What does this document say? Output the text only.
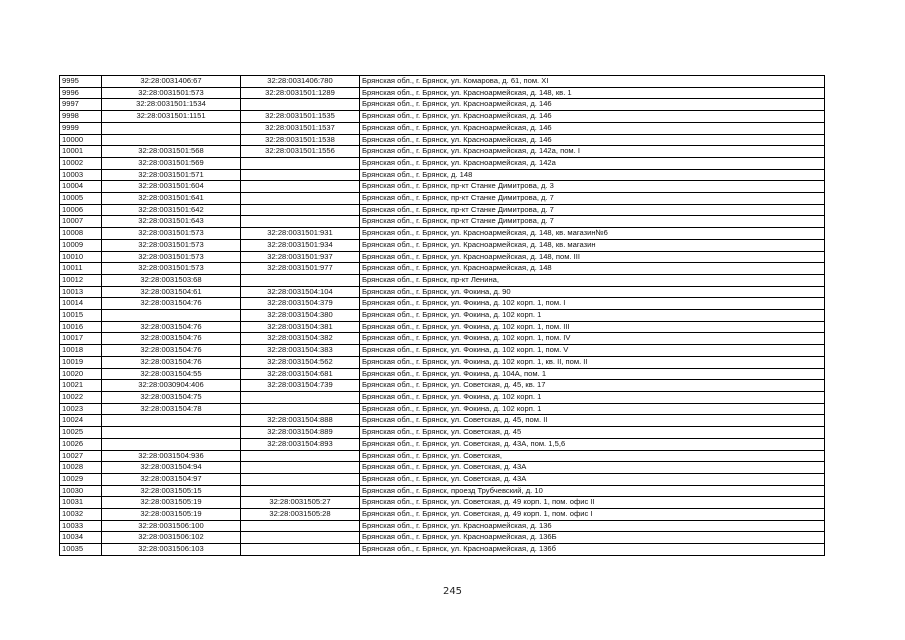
9995	32:28:0031406:67	32:28:0031406:780	Брянская обл., г. Брянск, ул. Комарова, д. 61, пом. XI
9996	32:28:0031501:573	32:28:0031501:1289	Брянская обл., г. Брянск, ул. Красноармейская, д. 148, кв. 1
9997	32:28:0031501:1534		Брянская обл., г. Брянск, ул. Красноармейская, д. 146
9998	32:28:0031501:1151	32:28:0031501:1535	Брянская обл., г. Брянск, ул. Красноармейская, д. 146
9999		32:28:0031501:1537	Брянская обл., г. Брянск, ул. Красноармейская, д. 146
10000		32:28:0031501:1538	Брянская обл., г. Брянск, ул. Красноармейская, д. 146
10001	32:28:0031501:568	32:28:0031501:1556	Брянская обл., г. Брянск, ул. Красноармейская, д. 142а, пом. I
10002	32:28:0031501:569		Брянская обл., г. Брянск, ул. Красноармейская, д. 142а
10003	32:28:0031501:571		Брянская обл., г. Брянск, д. 148
10004	32:28:0031501:604		Брянская обл., г. Брянск, пр-кт Станке Димитрова, д. 3
10005	32:28:0031501:641		Брянская обл., г. Брянск, пр-кт Станке Димитрова, д. 7
10006	32:28:0031501:642		Брянская обл., г. Брянск, пр-кт Станке Димитрова, д. 7
10007	32:28:0031501:643		Брянская обл., г. Брянск, пр-кт Станке Димитрова, д. 7
10008	32:28:0031501:573	32:28:0031501:931	Брянская обл., г. Брянск, ул. Красноармейская, д. 148, кв. магазин№6
10009	32:28:0031501:573	32:28:0031501:934	Брянская обл., г. Брянск, ул. Красноармейская, д. 148, кв. магазин
10010	32:28:0031501:573	32:28:0031501:937	Брянская обл., г. Брянск, ул. Красноармейская, д. 148, пом. III
10011	32:28:0031501:573	32:28:0031501:977	Брянская обл., г. Брянск, ул. Красноармейская, д. 148
10012	32:28:0031503:68		Брянская обл., г. Брянск, пр-кт Ленина,
10013	32:28:0031504:61	32:28:0031504:104	Брянская обл., г. Брянск, ул. Фокина, д. 90
10014	32:28:0031504:76	32:28:0031504:379	Брянская обл., г. Брянск, ул. Фокина, д. 102 корп. 1, пом. I
10015		32:28:0031504:380	Брянская обл., г. Брянск, ул. Фокина, д. 102 корп. 1
10016	32:28:0031504:76	32:28:0031504:381	Брянская обл., г. Брянск, ул. Фокина, д. 102 корп. 1, пом. III
10017	32:28:0031504:76	32:28:0031504:382	Брянская обл., г. Брянск, ул. Фокина, д. 102 корп. 1, пом. IV
10018	32:28:0031504:76	32:28:0031504:383	Брянская обл., г. Брянск, ул. Фокина, д. 102 корп. 1, пом. V
10019	32:28:0031504:76	32:28:0031504:562	Брянская обл., г. Брянск, ул. Фокина, д. 102 корп. 1, кв. II, пом. II
10020	32:28:0031504:55	32:28:0031504:681	Брянская обл., г. Брянск, ул. Фокина, д. 104А, пом. 1
10021	32:28:0030904:406	32:28:0031504:739	Брянская обл., г. Брянск, ул. Советская, д. 45, кв. 17
10022	32:28:0031504:75		Брянская обл., г. Брянск, ул. Фокина, д. 102 корп. 1
10023	32:28:0031504:78		Брянская обл., г. Брянск, ул. Фокина, д. 102 корп. 1
10024		32:28:0031504:888	Брянская обл., г. Брянск, ул. Советская, д. 45, пом. II
10025		32:28:0031504:889	Брянская обл., г. Брянск, ул. Советская, д. 45
10026		32:28:0031504:893	Брянская обл., г. Брянск, ул. Советская, д. 43А, пом. 1,5,6
10027	32:28:0031504:936		Брянская обл., г. Брянск, ул. Советская,
10028	32:28:0031504:94		Брянская обл., г. Брянск, ул. Советская, д. 43А
10029	32:28:0031504:97		Брянская обл., г. Брянск, ул. Советская, д. 43А
10030	32:28:0031505:15		Брянская обл., г. Брянск, проезд Трубчевский, д. 10
10031	32:28:0031505:19	32:28:0031505:27	Брянская обл., г. Брянск, ул. Советская, д. 49 корп. 1, пом. офис II
10032	32:28:0031505:19	32:28:0031505:28	Брянская обл., г. Брянск, ул. Советская, д. 49 корп. 1, пом. офис I
10033	32:28:0031506:100		Брянская обл., г. Брянск, ул. Красноармейская, д. 136
10034	32:28:0031506:102		Брянская обл., г. Брянск, ул. Красноармейская, д. 136Б
10035	32:28:0031506:103		Брянская обл., г. Брянск, ул. Красноармейская, д. 136б
245
